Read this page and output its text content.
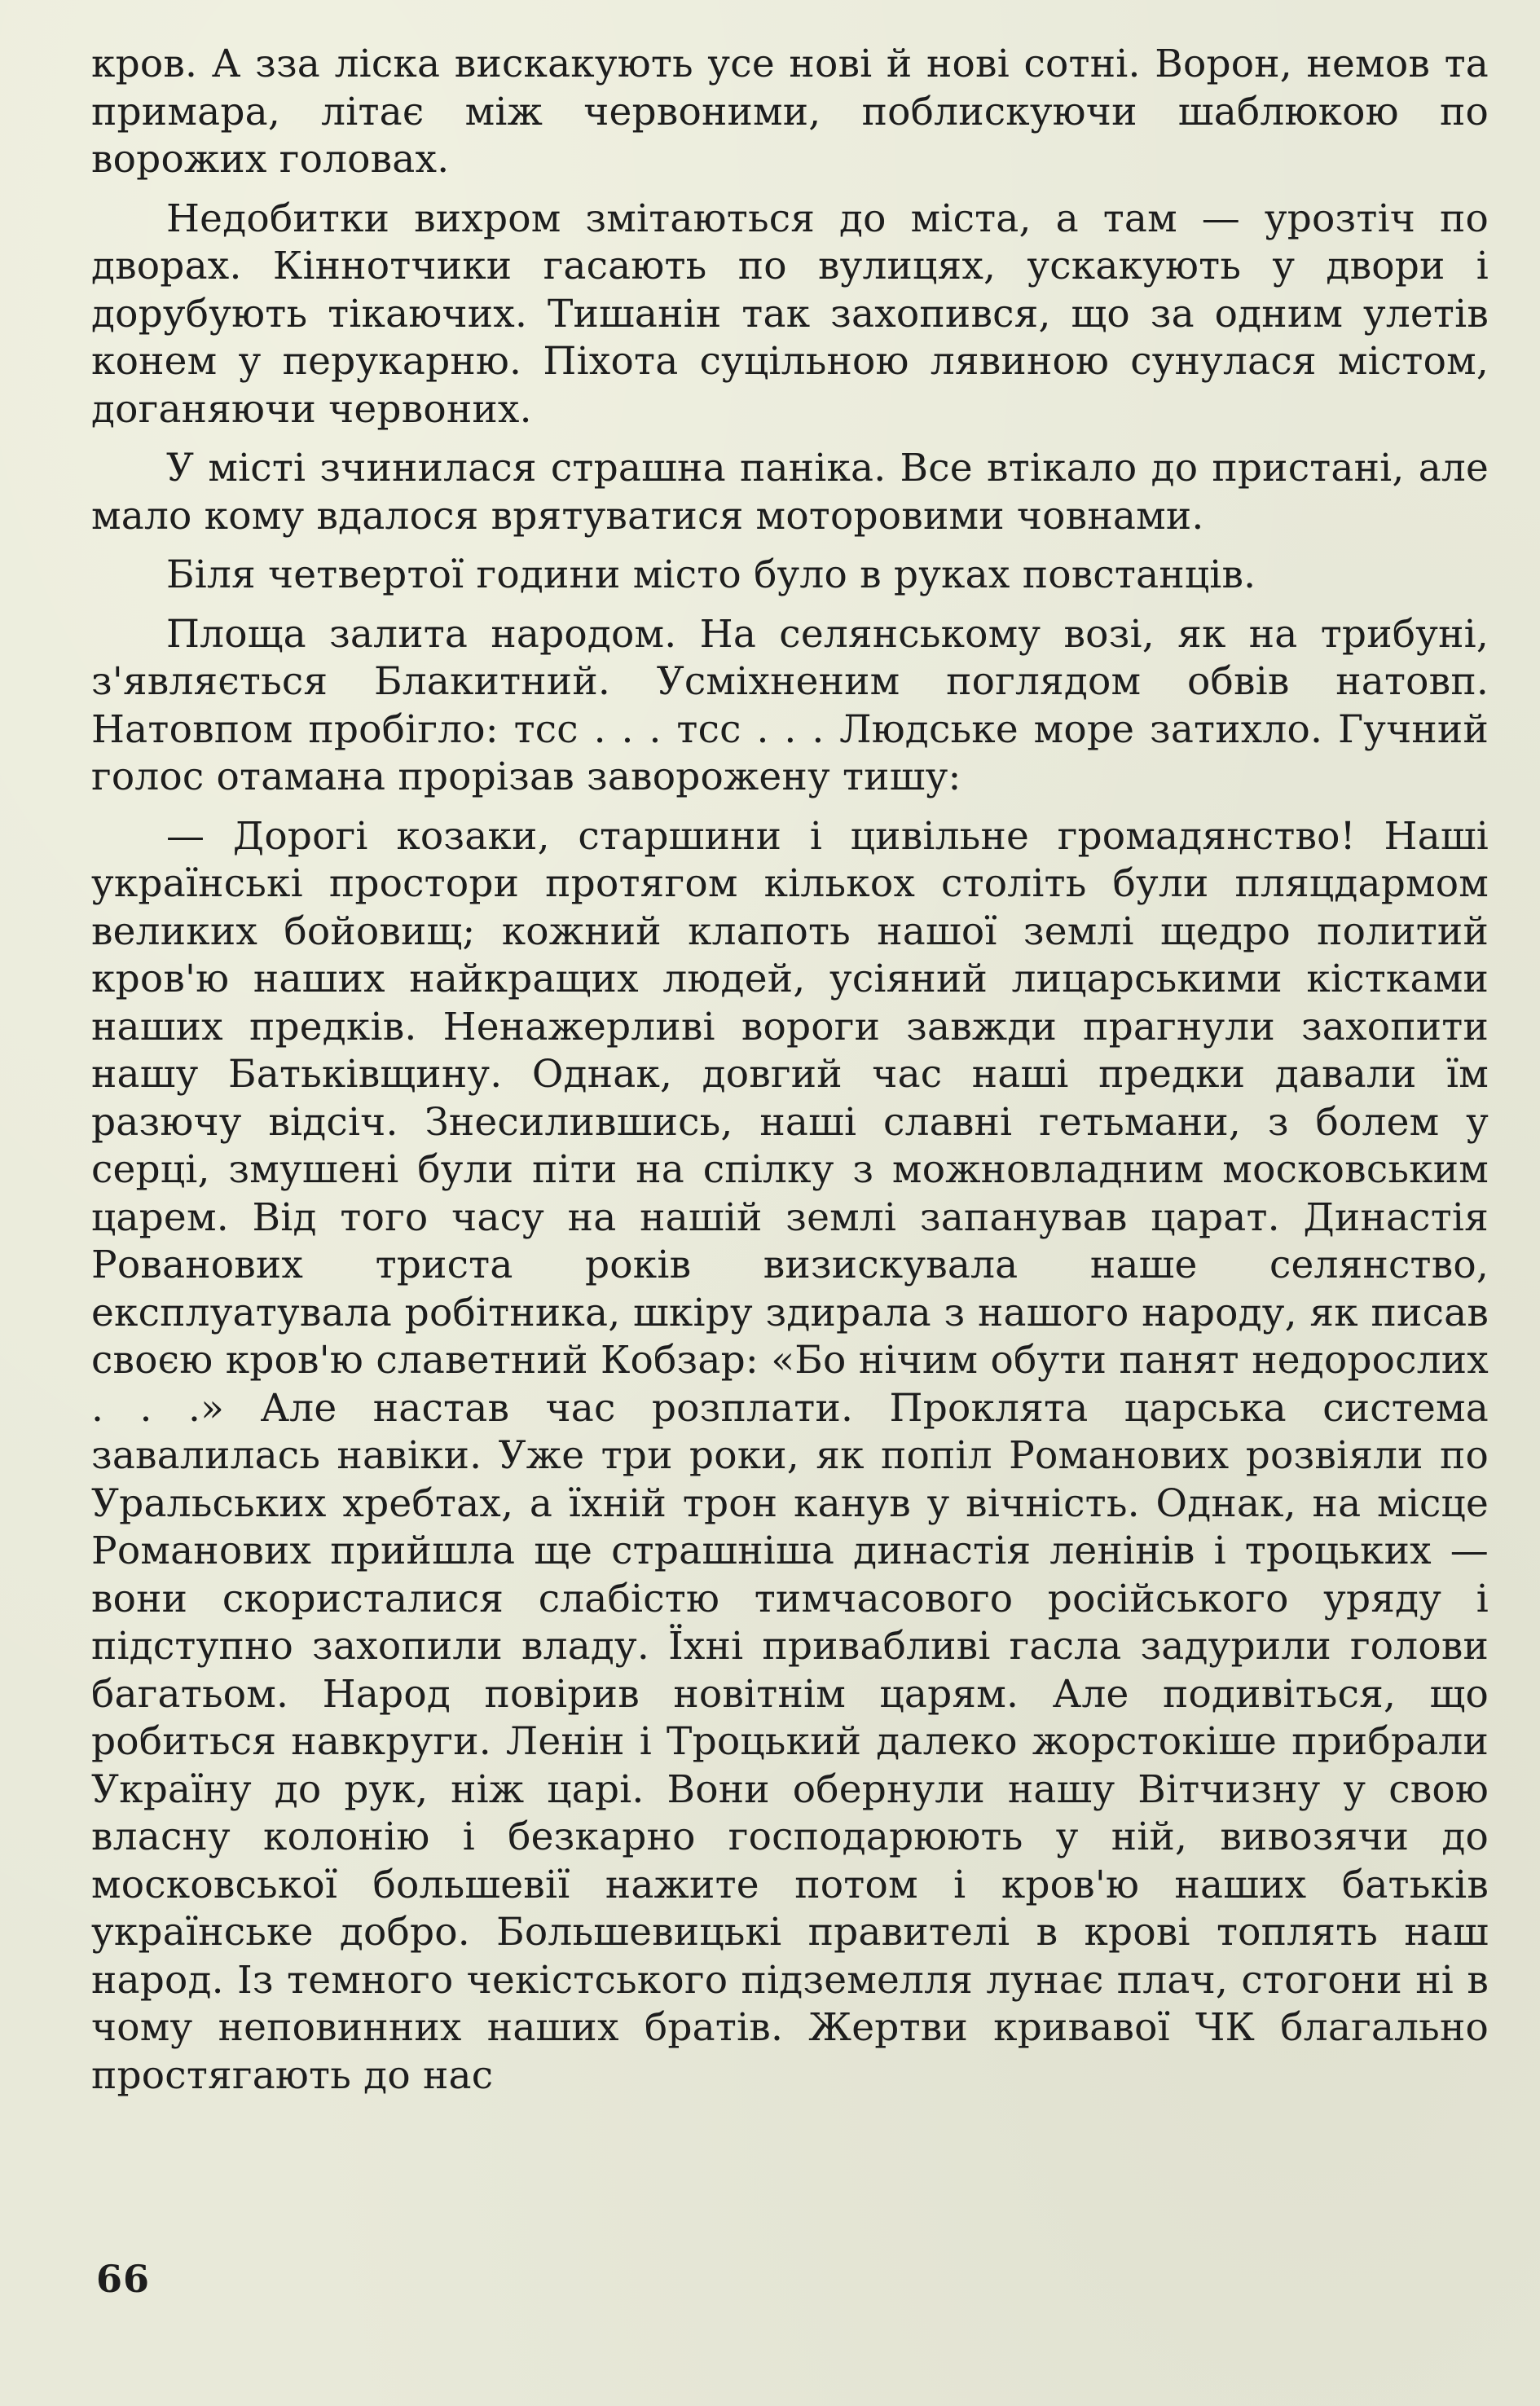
кров. А зза ліска вискакують усе нові й нові сотні. Ворон, немов та примара, літає між червоними, поблискуючи шаблюкою по ворожих головах.

Недобитки вихром змітаються до міста, а там — урозтіч по дворах. Кіннотчики гасають по вулицях, уcкакують у двори і дорубують тікаючих. Тишанін так захопився, що за одним улетів конем у перукарню. Піхота суцільною лявиною сунулася містом, доганяючи червоних.

У місті зчинилася страшна паніка. Все втікало до пристані, але мало кому вдалося врятуватися моторовими човнами.

Біля четвертої години місто було в руках повстанців.

Площа залита народом. На селянському возі, як на трибуні, з'являється Блакитний. Усміхненим поглядом обвів натовп. Натовпом пробігло: тсс . . . тсс . . . Людське море затихло. Гучний голос отамана прорізав заворожену тишу:

— Дорогі козаки, старшини і цивільне громадянство! Наші українські простори протягом кількох століть були пляцдармом великих бойовищ; кожний клапоть нашої землі щедро политий кров'ю наших найкращих людей, усіяний лицарськими кістками наших предків. Ненажерливі вороги завжди прагнули захопити нашу Батьківщину. Однак, довгий час наші предки давали їм разючу відсіч. Знесилившись, наші славні гетьмани, з болем у серці, змушені були піти на спілку з можновладним московським царем. Від того часу на нашій землі запанував царат. Династія Рованових триста років визискувала наше селянство, експлуатувала робітника, шкіру здирала з нашого народу, як писав своєю кров'ю славетний Кобзар: «Бо нічим обути панят недорослих . . .» Але настав час розплати. Проклята царська система завалилась навіки. Уже три роки, як попіл Романових розвіяли по Уральських хребтах, а їхній трон канув у вічність. Однак, на місце Романових прийшла ще страшніша династія ленінів і троцьких — вони скористалися слабістю тимчасового російського уряду і підступно захопили владу. Їхні привабливі гасла задурили голови багатьом. Народ повірив новітнім царям. Але подивіться, що робиться навкруги. Ленін і Троцький далеко жорстокіше прибрали Україну до рук, ніж царі. Вони обернули нашу Вітчизну у свою власну колонію і безкарно господарюють у ній, вивозячи до московської большевії нажите потом і кров'ю наших батьків українське добро. Большевицькі правителі в крові топлять наш народ. Із темного чекістського підземелля лунає плач, стогони ні в чому неповинних наших братів. Жертви кривавої ЧК благально простягають до нас

66
